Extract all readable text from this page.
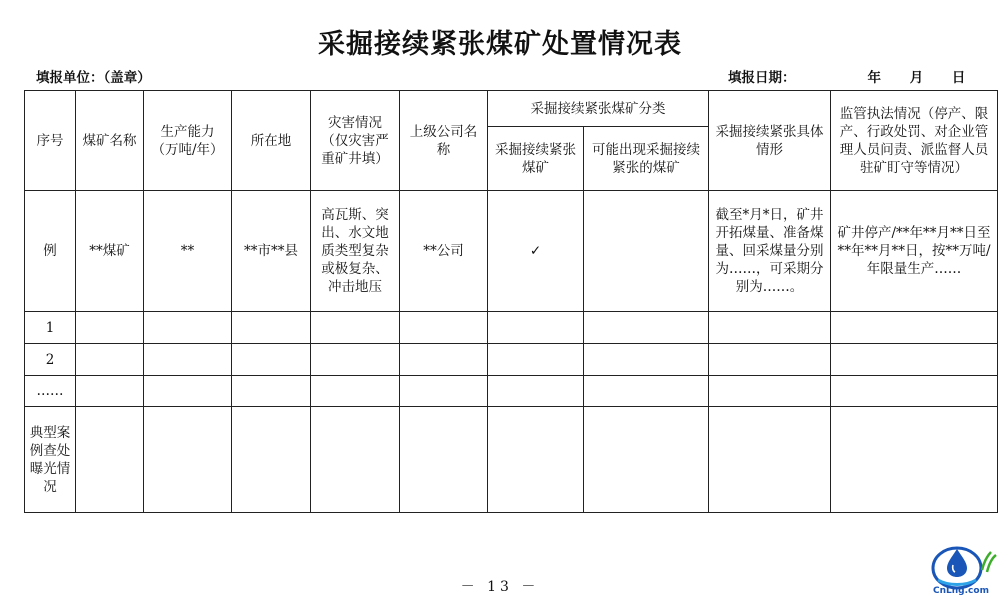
采掘接续紧张煤矿处置情况表
填报单位：（盖章）	填报日期：	年 月 日
序号	煤矿名称	生产能力（万吨/年）	所在地	灾害情况（仅灾害严重矿井填）	上级公司名称	采掘接续紧张煤矿分类		采掘接续紧张具体情形	监管执法情况（停产、限产、行政处罚、对企业管理人员问责、派监督人员驻矿盯守等情况）
						采掘接续紧张煤矿	可能出现采掘接续紧张的煤矿		
例	**煤矿	**	**市**县	高瓦斯、突出、水文地质类型复杂或极复杂、冲击地压	**公司	✓		截至*月*日，矿井开拓煤量、准备煤量、回采煤量分别为……，可采期分别为……。	矿井停产/**年**月**日至**年**月**日，按**万吨/年限量生产……
1									
2									
……									
典型案例查处曝光情况									
－ 13 －	CnLng.com
